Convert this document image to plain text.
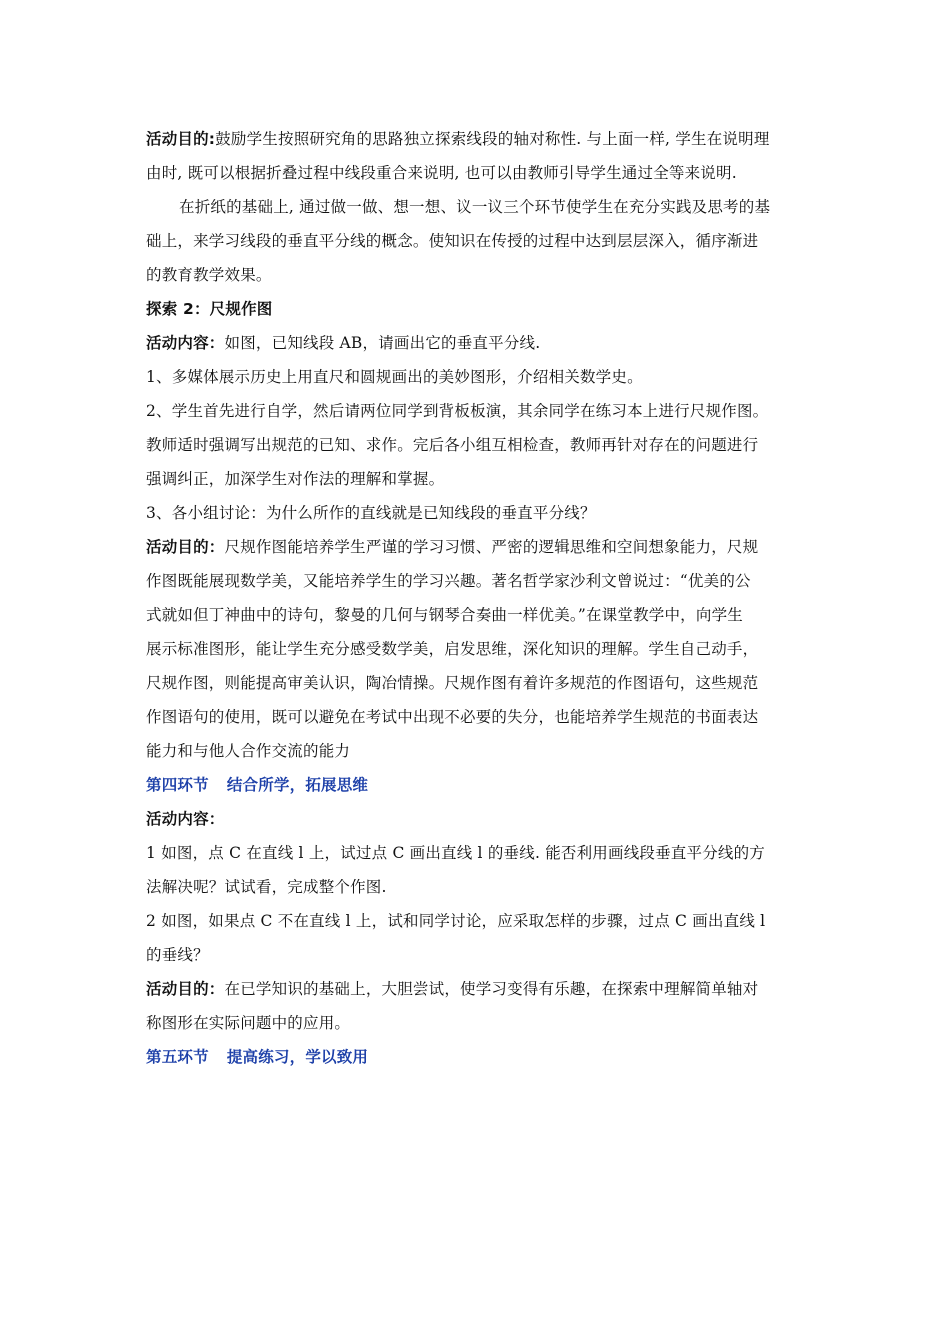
活动目的:鼓励学生按照研究角的思路独立探索线段的轴对称性. 与上面一样, 学生在说明理
由时, 既可以根据折叠过程中线段重合来说明, 也可以由教师引导学生通过全等来说明.
在折纸的基础上, 通过做一做、想一想、议一议三个环节使学生在充分实践及思考的基
础上，来学习线段的垂直平分线的概念。使知识在传授的过程中达到层层深入，循序渐进
的教育教学效果。
探索 2：尺规作图
活动内容：如图，已知线段 AB，请画出它的垂直平分线.
1、多媒体展示历史上用直尺和圆规画出的美妙图形，介绍相关数学史。
2、学生首先进行自学，然后请两位同学到背板板演，其余同学在练习本上进行尺规作图。
教师适时强调写出规范的已知、求作。完后各小组互相检查，教师再针对存在的问题进行
强调纠正，加深学生对作法的理解和掌握。
3、各小组讨论：为什么所作的直线就是已知线段的垂直平分线？
活动目的：尺规作图能培养学生严谨的学习习惯、严密的逻辑思维和空间想象能力，尺规
作图既能展现数学美，又能培养学生的学习兴趣。著名哲学家沙利文曾说过：“优美的公
式就如但丁神曲中的诗句，黎曼的几何与钢琴合奏曲一样优美。”在课堂教学中，向学生
展示标准图形，能让学生充分感受数学美，启发思维，深化知识的理解。学生自己动手，
尺规作图，则能提高审美认识，陶冶情操。尺规作图有着许多规范的作图语句，这些规范
作图语句的使用，既可以避免在考试中出现不必要的失分，也能培养学生规范的书面表达
能力和与他人合作交流的能力
第四环节 结合所学，拓展思维
活动内容：
1 如图，点 C 在直线 l 上，试过点 C 画出直线 l 的垂线. 能否利用画线段垂直平分线的方
法解决呢？试试看，完成整个作图.
2 如图，如果点 C 不在直线 l 上，试和同学讨论，应采取怎样的步骤，过点 C 画出直线 l
的垂线？
活动目的：在已学知识的基础上，大胆尝试，使学习变得有乐趣，在探索中理解简单轴对
称图形在实际问题中的应用。
第五环节 提高练习，学以致用
